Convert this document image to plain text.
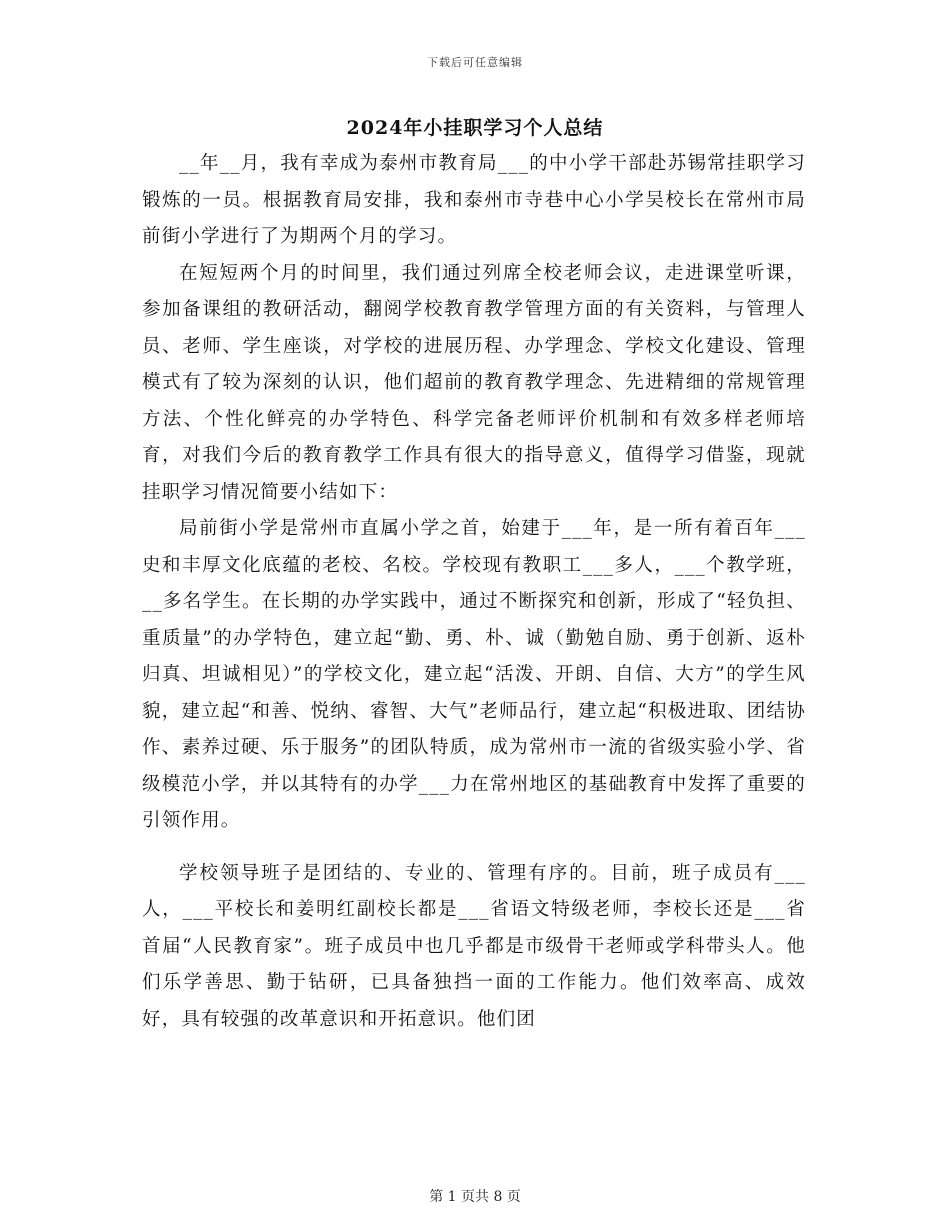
下载后可任意编辑
2024年小挂职学习个人总结

__年__月，我有幸成为泰州市教育局___的中小学干部赴苏锡常挂职学习锻炼的一员。根据教育局安排，我和泰州市寺巷中心小学吴校长在常州市局前街小学进行了为期两个月的学习。

在短短两个月的时间里，我们通过列席全校老师会议，走进课堂听课，参加备课组的教研活动，翻阅学校教育教学管理方面的有关资料，与管理人员、老师、学生座谈，对学校的进展历程、办学理念、学校文化建设、管理模式有了较为深刻的认识，他们超前的教育教学理念、先进精细的常规管理方法、个性化鲜亮的办学特色、科学完备老师评价机制和有效多样老师培育，对我们今后的教育教学工作具有很大的指导意义，值得学习借鉴，现就挂职学习情况简要小结如下：

局前街小学是常州市直属小学之首，始建于___年，是一所有着百年___史和丰厚文化底蕴的老校、名校。学校现有教职工___多人，___个教学班，__多名学生。在长期的办学实践中，通过不断探究和创新，形成了“轻负担、重质量”的办学特色，建立起“勤、勇、朴、诚（勤勉自励、勇于创新、返朴归真、坦诚相见）”的学校文化，建立起“活泼、开朗、自信、大方”的学生风貌，建立起“和善、悦纳、睿智、大气”老师品行，建立起“积极进取、团结协作、素养过硬、乐于服务”的团队特质，成为常州市一流的省级实验小学、省级模范小学，并以其特有的办学___力在常州地区的基础教育中发挥了重要的引领作用。

学校领导班子是团结的、专业的、管理有序的。目前，班子成员有___人，___平校长和姜明红副校长都是___省语文特级老师，李校长还是___省首届“人民教育家”。班子成员中也几乎都是市级骨干老师或学科带头人。他们乐学善思、勤于钻研，已具备独挡一面的工作能力。他们效率高、成效好，具有较强的改革意识和开拓意识。他们团

第 1 页共 8 页
